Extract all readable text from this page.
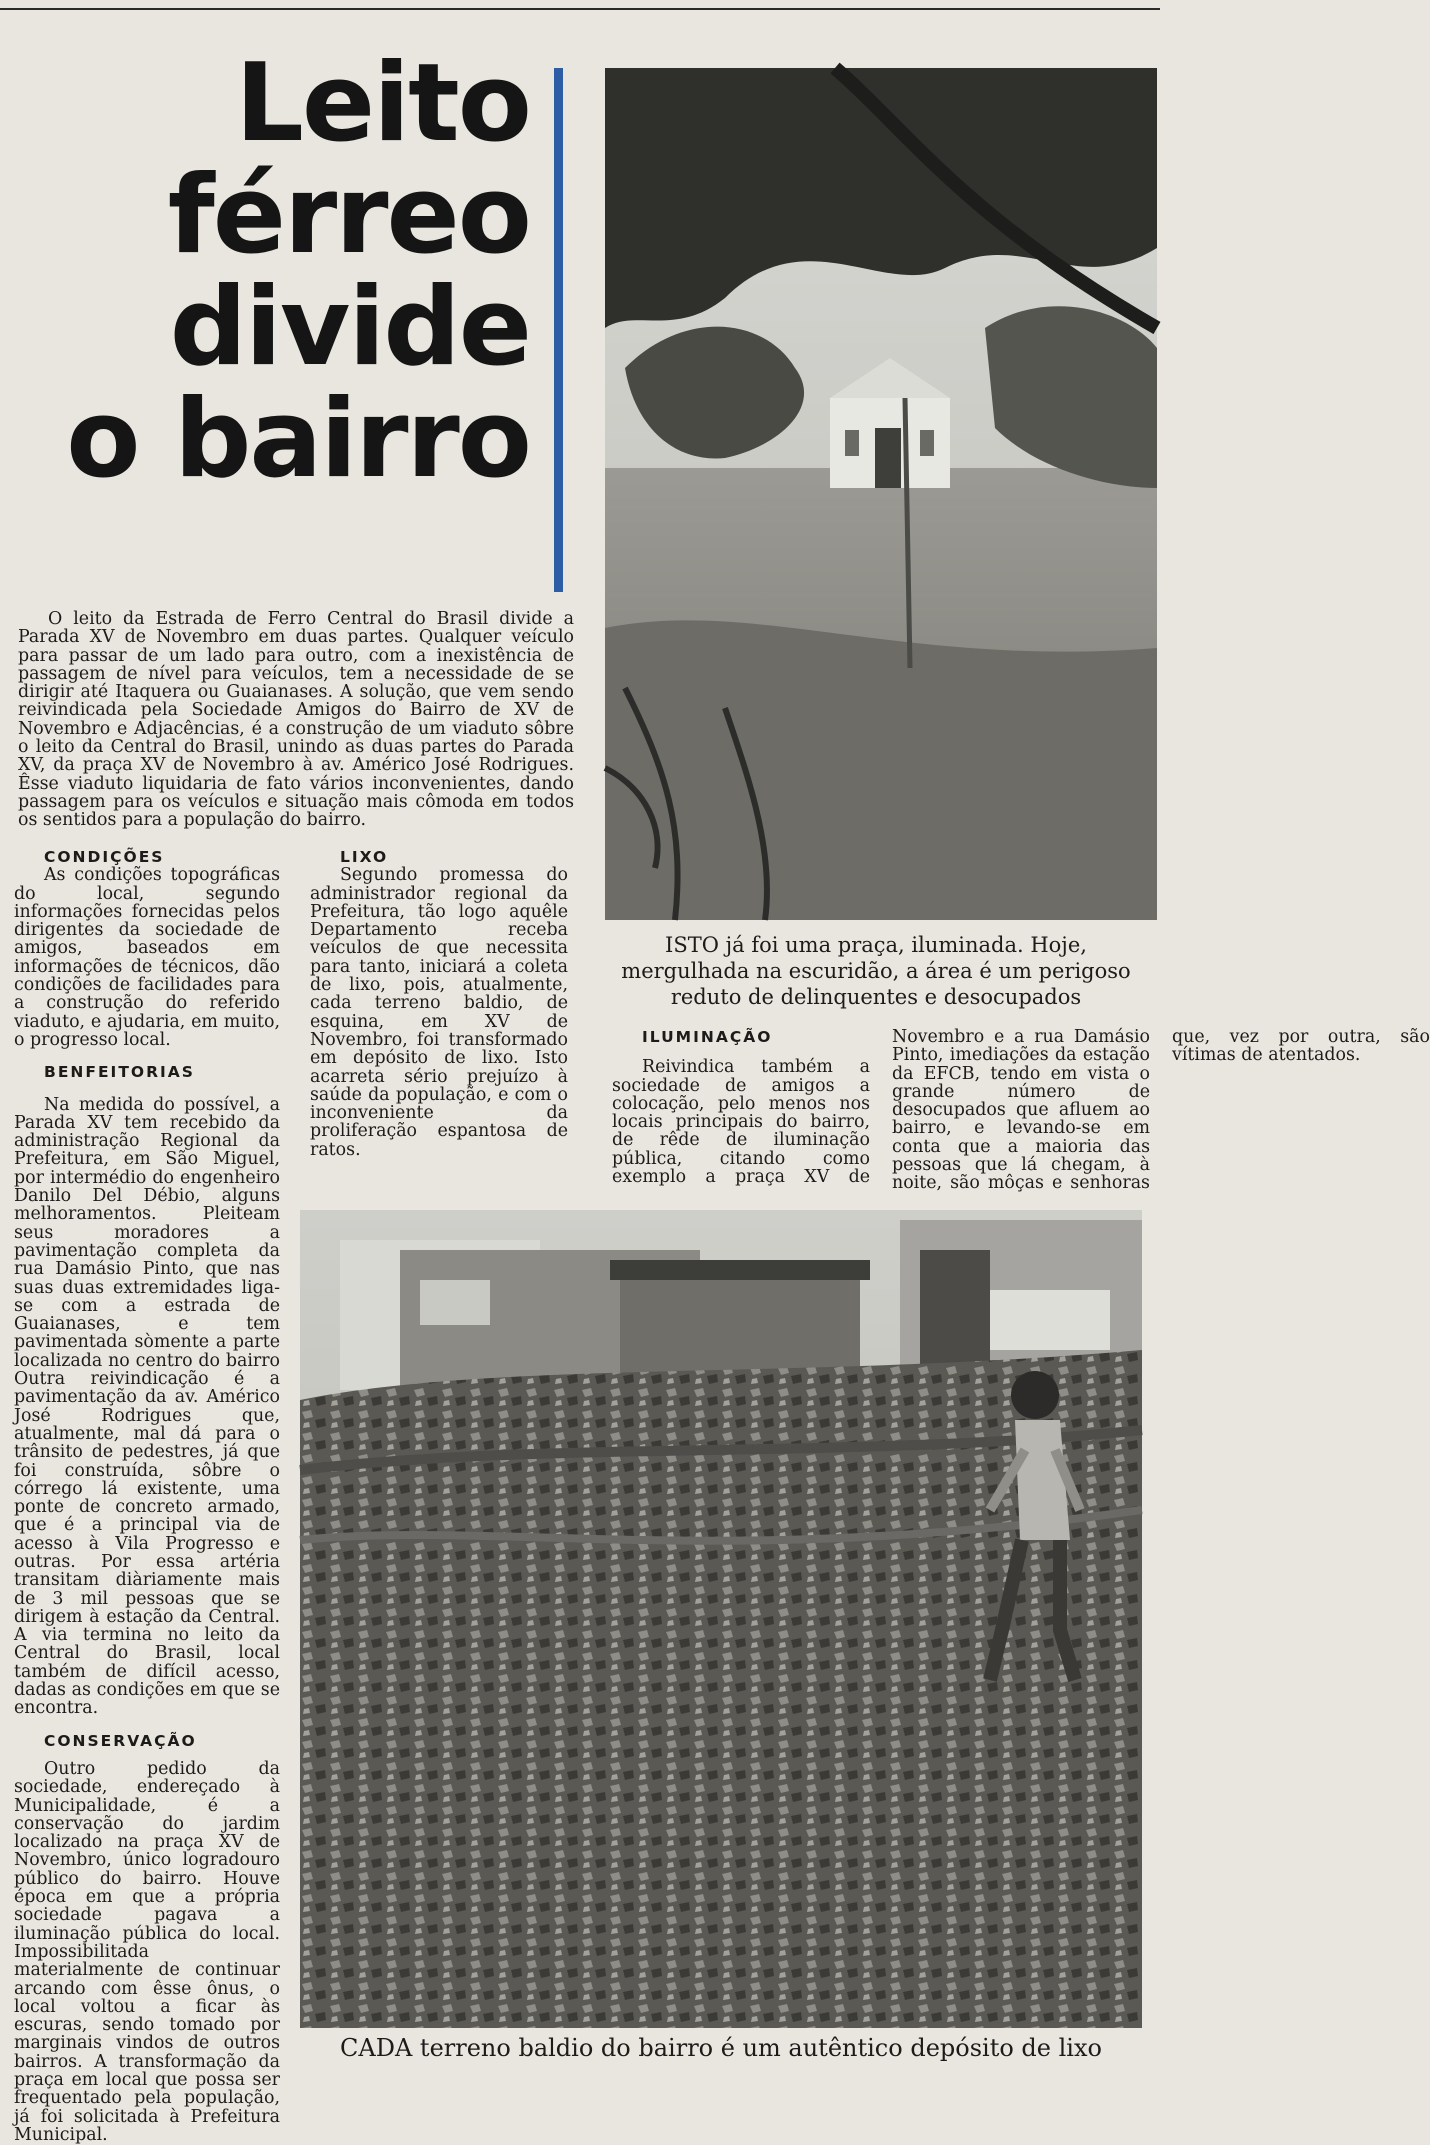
Leito
férreo
divide
o bairro
ISTO já foi uma praça, iluminada. Hoje, mergulhada na escuridão, a área é um perigoso reduto de delinquentes e desocupados

O leito da Estrada de Ferro Central do Brasil divide a Parada XV de Novembro em duas partes. Qualquer veículo para passar de um lado para outro, com a inexistência de passagem de nível para veículos, tem a necessidade de se dirigir até Itaquera ou Guaianases. A solução, que vem sendo reivindicada pela Sociedade Amigos do Bairro de XV de Novembro e Adjacências, é a construção de um viaduto sôbre o leito da Central do Brasil, unindo as duas partes do Parada XV, da praça XV de Novembro à av. Américo José Rodrigues. Êsse viaduto liquidaria de fato vários inconvenientes, dando passagem para os veículos e situação mais cômoda em todos os sentidos para a população do bairro.

CONDIÇÕES

As condições topográficas do local, segundo informações fornecidas pelos dirigentes da sociedade de amigos, baseados em informações de técnicos, dão condições de facilidades para a construção do referido viaduto, e ajudaria, em muito, o progresso local.

BENFEITORIAS

Na medida do possível, a Parada XV tem recebido da administração Regional da Prefeitura, em São Miguel, por intermédio do engenheiro Danilo Del Débio, alguns melhoramentos. Pleiteam seus moradores a pavimentação completa da rua Damásio Pinto, que nas suas duas extremidades liga-se com a estrada de Guaianases, e tem pavimentada sòmente a parte localizada no centro do bairro Outra reivindicação é a pavimentação da av. Américo José Rodrigues que, atualmente, mal dá para o trânsito de pedestres, já que foi construída, sôbre o córrego lá existente, uma ponte de concreto armado, que é a principal via de acesso à Vila Progresso e outras. Por essa artéria transitam diàriamente mais de 3 mil pessoas que se dirigem à estação da Central. A via termina no leito da Central do Brasil, local também de difícil acesso, dadas as condições em que se encontra.

CONSERVAÇÃO

Outro pedido da sociedade, endereçado à Municipalidade, é a conservação do jardim localizado na praça XV de Novembro, único logradouro público do bairro. Houve época em que a própria sociedade pagava a iluminação pública do local. Impossibilitada materialmente de continuar arcando com êsse ônus, o local voltou a ficar às escuras, sendo tomado por marginais vindos de outros bairros. A transformação da praça em local que possa ser frequentado pela população, já foi solicitada à Prefeitura Municipal.

LIXO

Segundo promessa do administrador regional da Prefeitura, tão logo aquêle Departamento receba veículos de que necessita para tanto, iniciará a coleta de lixo, pois, atualmente, cada terreno baldio, de esquina, em XV de Novembro, foi transformado em depósito de lixo. Isto acarreta sério prejuízo à saúde da população, e com o inconveniente da proliferação espantosa de ratos.

ILUMINAÇÃO

Reivindica também a sociedade de amigos a colocação, pelo menos nos locais principais do bairro, de rêde de iluminação pública, citando como exemplo a praça XV de Novembro e a rua Damásio Pinto, imediações da estação da EFCB, tendo em vista o grande número de desocupados que afluem ao bairro, e levando-se em conta que a maioria das pessoas que lá chegam, à noite, são môças e senhoras que, vez por outra, são vítimas de atentados.

CADA terreno baldio do bairro é um autêntico depósito de lixo
